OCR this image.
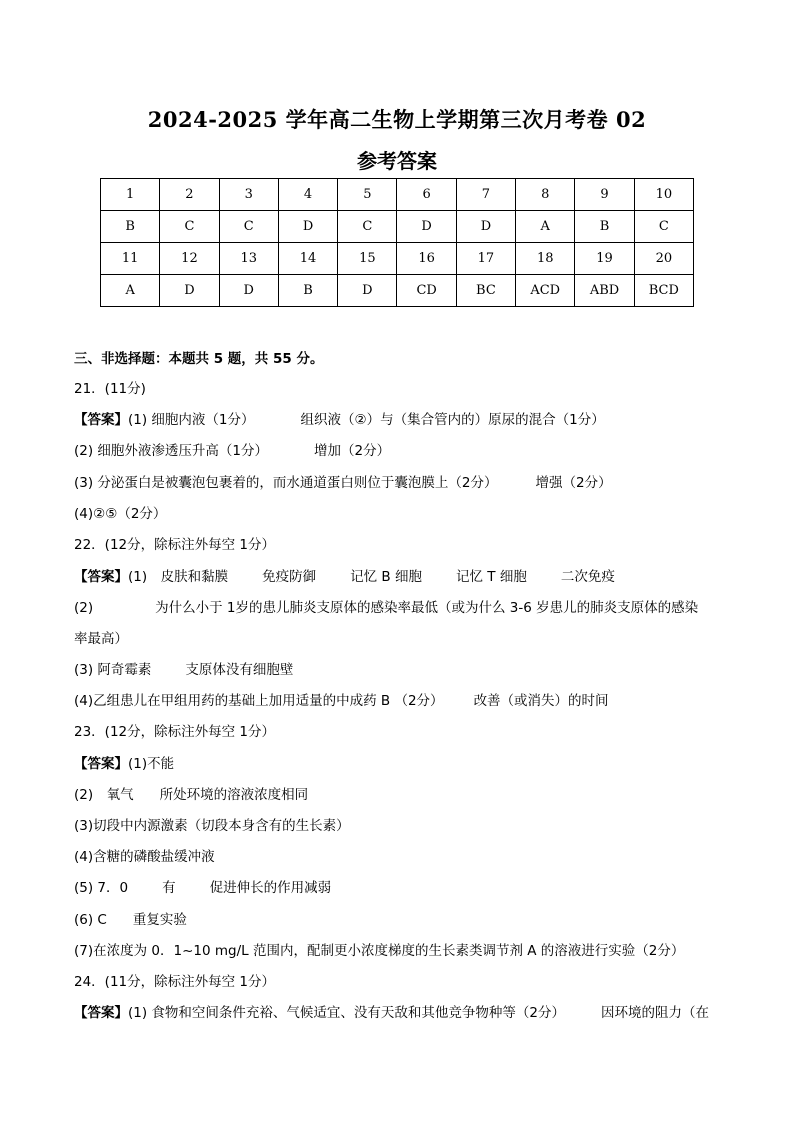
2024-2025 学年高二生物上学期第三次月考卷 02
参考答案
1	2	3	4	5	6	7	8	9	10
B	C	C	D	C	D	D	A	B	C
11	12	13	14	15	16	17	18	19	20
A	D	D	B	D	CD	BC	ACD	ABD	BCD
三、非选择题：本题共 5 题，共 55 分。
21．(11分)
【答案】(1) 细胞内液（1分）	组织液（②）与（集合管内的）原尿的混合（1分）
(2) 细胞外液渗透压升高（1分）	增加（2分）
(3) 分泌蛋白是被囊泡包裹着的，而水通道蛋白则位于囊泡膜上（2分）	增强（2分）
(4)②⑤（2分）
22．(12分，除标注外每空 1分）
【答案】(1)　皮肤和黏膜	免疫防御	记忆 B 细胞	记忆 T 细胞	二次免疫
(2)	为什么小于 1岁的患儿肺炎支原体的感染率最低（或为什么 3-6 岁患儿的肺炎支原体的感染
率最高）
(3) 阿奇霉素	支原体没有细胞壁
(4)乙组患儿在甲组用药的基础上加用适量的中成药 B （2分） 改善（或消失）的时间
23．(12分，除标注外每空 1分）
【答案】(1)不能
(2)　氧气 所处环境的溶液浓度相同
(3)切段中内源激素（切段本身含有的生长素）
(4)含糖的磷酸盐缓冲液
(5) 7．0	有	促进伸长的作用减弱
(6) C 重复实验
(7)在浓度为 0．1~10 mg/L 范围内，配制更小浓度梯度的生长素类调节剂 A 的溶液进行实验（2分）
24．(11分，除标注外每空 1分）
【答案】(1) 食物和空间条件充裕、气候适宜、没有天敌和其他竞争物种等（2分）	因环境的阻力（在
